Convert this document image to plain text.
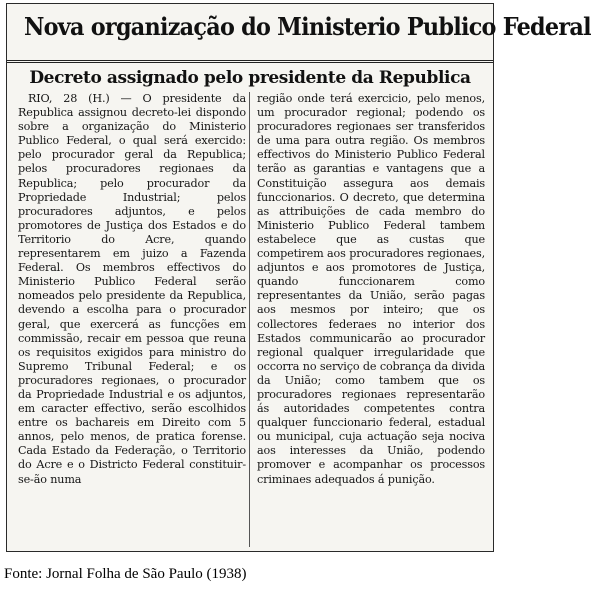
Nova organização do Ministerio Publico Federal
Decreto assignado pelo presidente da Republica

RIO, 28 (H.) — O presidente da Republica assignou decreto-lei dispondo sobre a organização do Ministerio Publico Federal, o qual será exercido: pelo procurador geral da Republica; pelos procuradores regionaes da Republica; pelo procurador da Propriedade Industrial; pelos procuradores adjuntos, e pelos promotores de Justiça dos Estados e do Territorio do Acre, quando representarem em juizo a Fazenda Federal. Os membros effectivos do Ministerio Publico Federal serão nomeados pelo presidente da Republica, devendo a escolha para o procurador geral, que exercerá as funcções em commissão, recair em pessoa que reuna os requisitos exigidos para ministro do Supremo Tribunal Federal; e os procuradores regionaes, o procurador da Propriedade Industrial e os adjuntos, em caracter effectivo, serão escolhidos entre os bachareis em Direito com 5 annos, pelo menos, de pratica forense. Cada Estado da Federação, o Territorio do Acre e o Districto Federal constituir-se-ão numa

região onde terá exercicio, pelo menos, um procurador regional; podendo os procuradores regionaes ser transferidos de uma para outra região. Os membros effectivos do Ministerio Publico Federal terão as garantias e vantagens que a Constituição assegura aos demais funccionarios. O decreto, que determina as attribuições de cada membro do Ministerio Publico Federal tambem estabelece que as custas que competirem aos procuradores regionaes, adjuntos e aos promotores de Justiça, quando funccionarem como representantes da União, serão pagas aos mesmos por inteiro; que os collectores federaes no interior dos Estados communicarão ao procurador regional qualquer irregularidade que occorra no serviço de cobrança da divida da União; como tambem que os procuradores regionaes representarão ás autoridades competentes contra qualquer funccionario federal, estadual ou municipal, cuja actuação seja nociva aos interesses da União, podendo promover e acompanhar os processos criminaes adequados á punição.

Fonte: Jornal Folha de São Paulo (1938)
